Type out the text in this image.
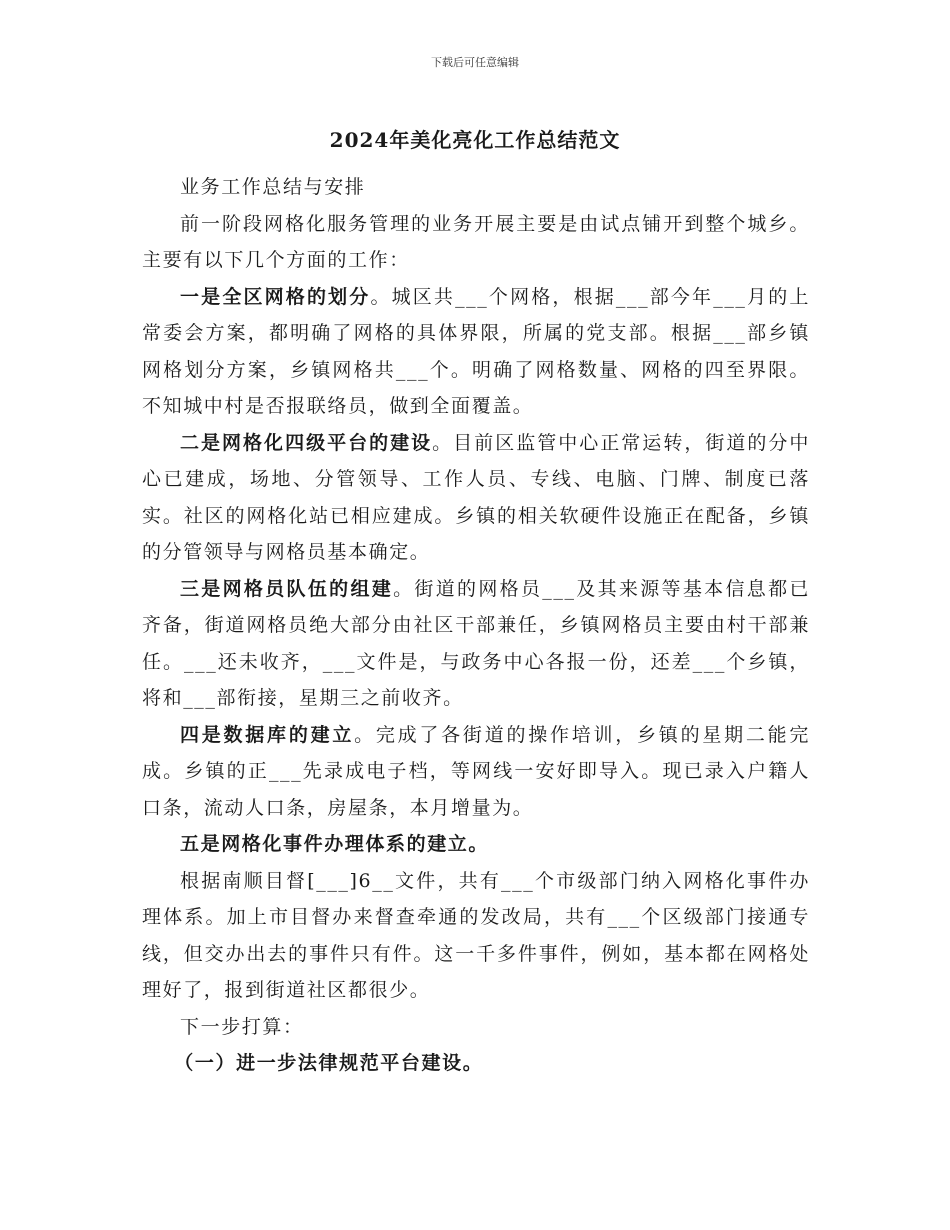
下载后可任意编辑
2024年美化亮化工作总结范文

业务工作总结与安排

前一阶段网格化服务管理的业务开展主要是由试点铺开到整个城乡。主要有以下几个方面的工作：

一是全区网格的划分。城区共___个网格，根据___部今年___月的上常委会方案，都明确了网格的具体界限，所属的党支部。根据___部乡镇网格划分方案，乡镇网格共___个。明确了网格数量、网格的四至界限。不知城中村是否报联络员，做到全面覆盖。

二是网格化四级平台的建设。目前区监管中心正常运转，街道的分中心已建成，场地、分管领导、工作人员、专线、电脑、门牌、制度已落实。社区的网格化站已相应建成。乡镇的相关软硬件设施正在配备，乡镇的分管领导与网格员基本确定。

三是网格员队伍的组建。街道的网格员___及其来源等基本信息都已齐备，街道网格员绝大部分由社区干部兼任，乡镇网格员主要由村干部兼任。___还未收齐，___文件是，与政务中心各报一份，还差___个乡镇，将和___部衔接，星期三之前收齐。

四是数据库的建立。完成了各街道的操作培训，乡镇的星期二能完成。乡镇的正___先录成电子档，等网线一安好即导入。现已录入户籍人口条，流动人口条，房屋条，本月增量为。

五是网格化事件办理体系的建立。

根据南顺目督[___]6__文件，共有___个市级部门纳入网格化事件办理体系。加上市目督办来督查牵通的发改局，共有___个区级部门接通专线，但交办出去的事件只有件。这一千多件事件，例如，基本都在网格处理好了，报到街道社区都很少。

下一步打算：

（一）进一步法律规范平台建设。
